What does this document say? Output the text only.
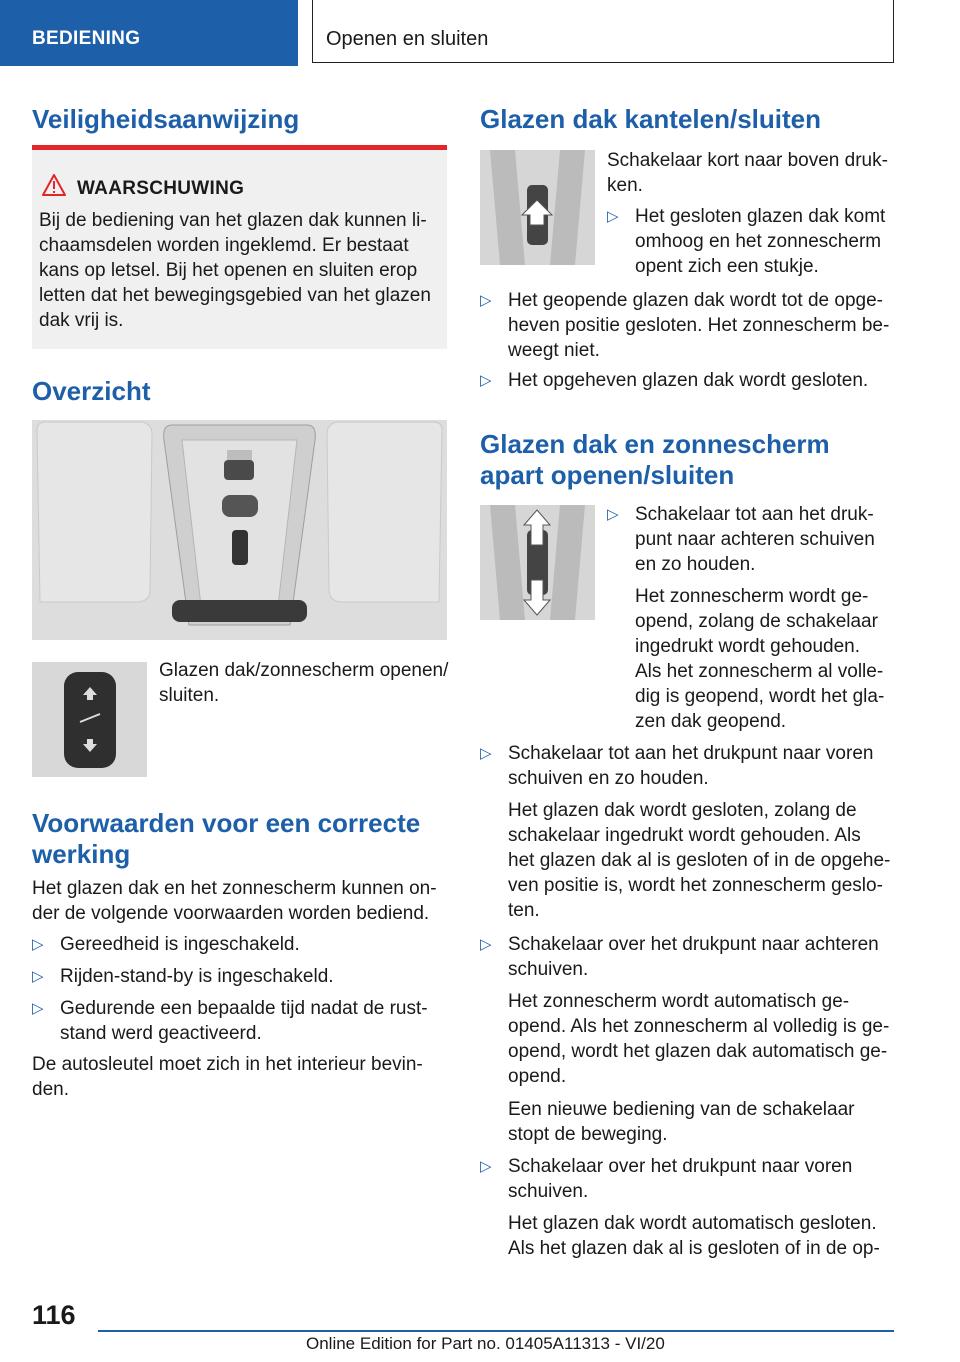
BEDIENING	Openen en sluiten
Veiligheidsaanwijzing
WAARSCHUWING
Bij de bediening van het glazen dak kunnen li-
chaamsdelen worden ingeklemd. Er bestaat
kans op letsel. Bij het openen en sluiten erop
letten dat het bewegingsgebied van het glazen
dak vrij is.
Overzicht
Glazen dak/zonnescherm openen/
sluiten.
Voorwaarden voor een correcte
werking
Het glazen dak en het zonnescherm kunnen on-
der de volgende voorwaarden worden bediend.
▷ Gereedheid is ingeschakeld.
▷ Rijden-stand-by is ingeschakeld.
▷ Gedurende een bepaalde tijd nadat de rust-
stand werd geactiveerd.
De autosleutel moet zich in het interieur bevin-
den.
Glazen dak kantelen/sluiten
Schakelaar kort naar boven druk-
ken.
▷ Het gesloten glazen dak komt
omhoog en het zonnescherm
opent zich een stukje.
▷ Het geopende glazen dak wordt tot de opge-
heven positie gesloten. Het zonnescherm be-
weegt niet.
▷ Het opgeheven glazen dak wordt gesloten.
Glazen dak en zonnescherm
apart openen/sluiten
▷ Schakelaar tot aan het druk-
punt naar achteren schuiven
en zo houden.
Het zonnescherm wordt ge-
opend, zolang de schakelaar
ingedrukt wordt gehouden.
Als het zonnescherm al volle-
dig is geopend, wordt het gla-
zen dak geopend.
▷ Schakelaar tot aan het drukpunt naar voren
schuiven en zo houden.
Het glazen dak wordt gesloten, zolang de
schakelaar ingedrukt wordt gehouden. Als
het glazen dak al is gesloten of in de opgehe-
ven positie is, wordt het zonnescherm geslo-
ten.
▷ Schakelaar over het drukpunt naar achteren
schuiven.
Het zonnescherm wordt automatisch ge-
opend. Als het zonnescherm al volledig is ge-
opend, wordt het glazen dak automatisch ge-
opend.
Een nieuwe bediening van de schakelaar
stopt de beweging.
▷ Schakelaar over het drukpunt naar voren
schuiven.
Het glazen dak wordt automatisch gesloten.
Als het glazen dak al is gesloten of in de op-
116
Online Edition for Part no. 01405A11313 - VI/20
